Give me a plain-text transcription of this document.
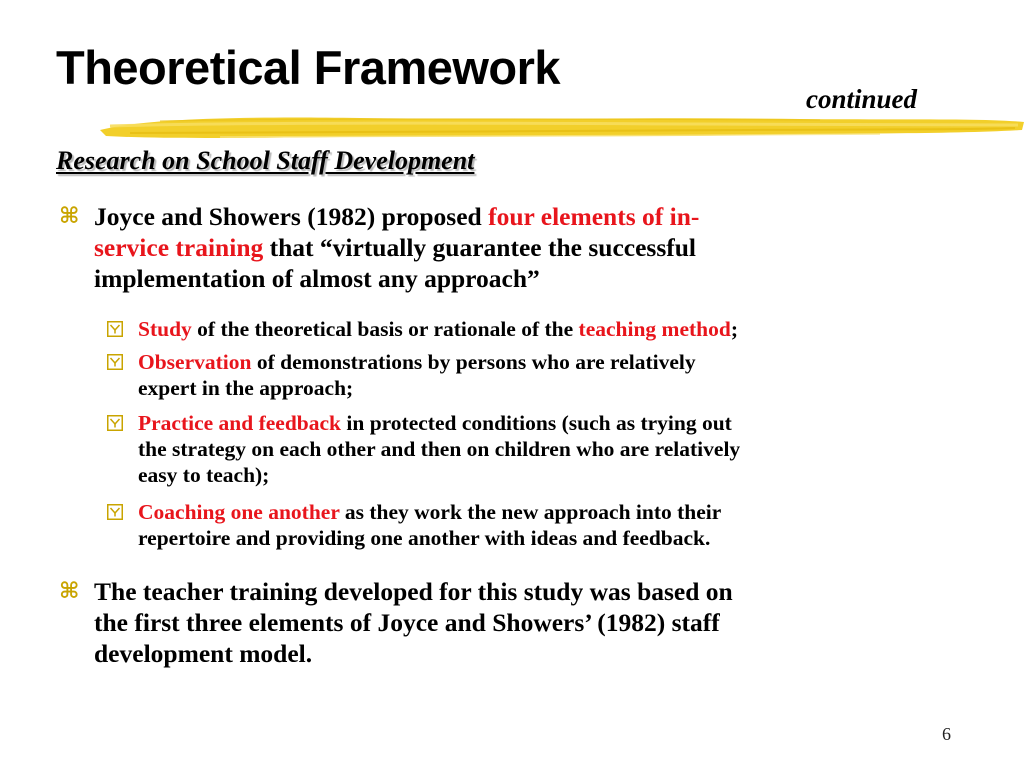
Theoretical Framework
continued
Research on School Staff Development
⌘ Joyce and Showers (1982) proposed four elements of in-
service training that “virtually guarantee the successful
implementation of almost any approach”
Study of the theoretical basis or rationale of the teaching method;
Observation of demonstrations by persons who are relatively
expert in the approach;
Practice and feedback in protected conditions (such as trying out
the strategy on each other and then on children who are relatively
easy to teach);
Coaching one another as they work the new approach into their
repertoire and providing one another with ideas and feedback.
⌘ The teacher training developed for this study was based on
the first three elements of Joyce and Showers’ (1982) staff
development model.
6
